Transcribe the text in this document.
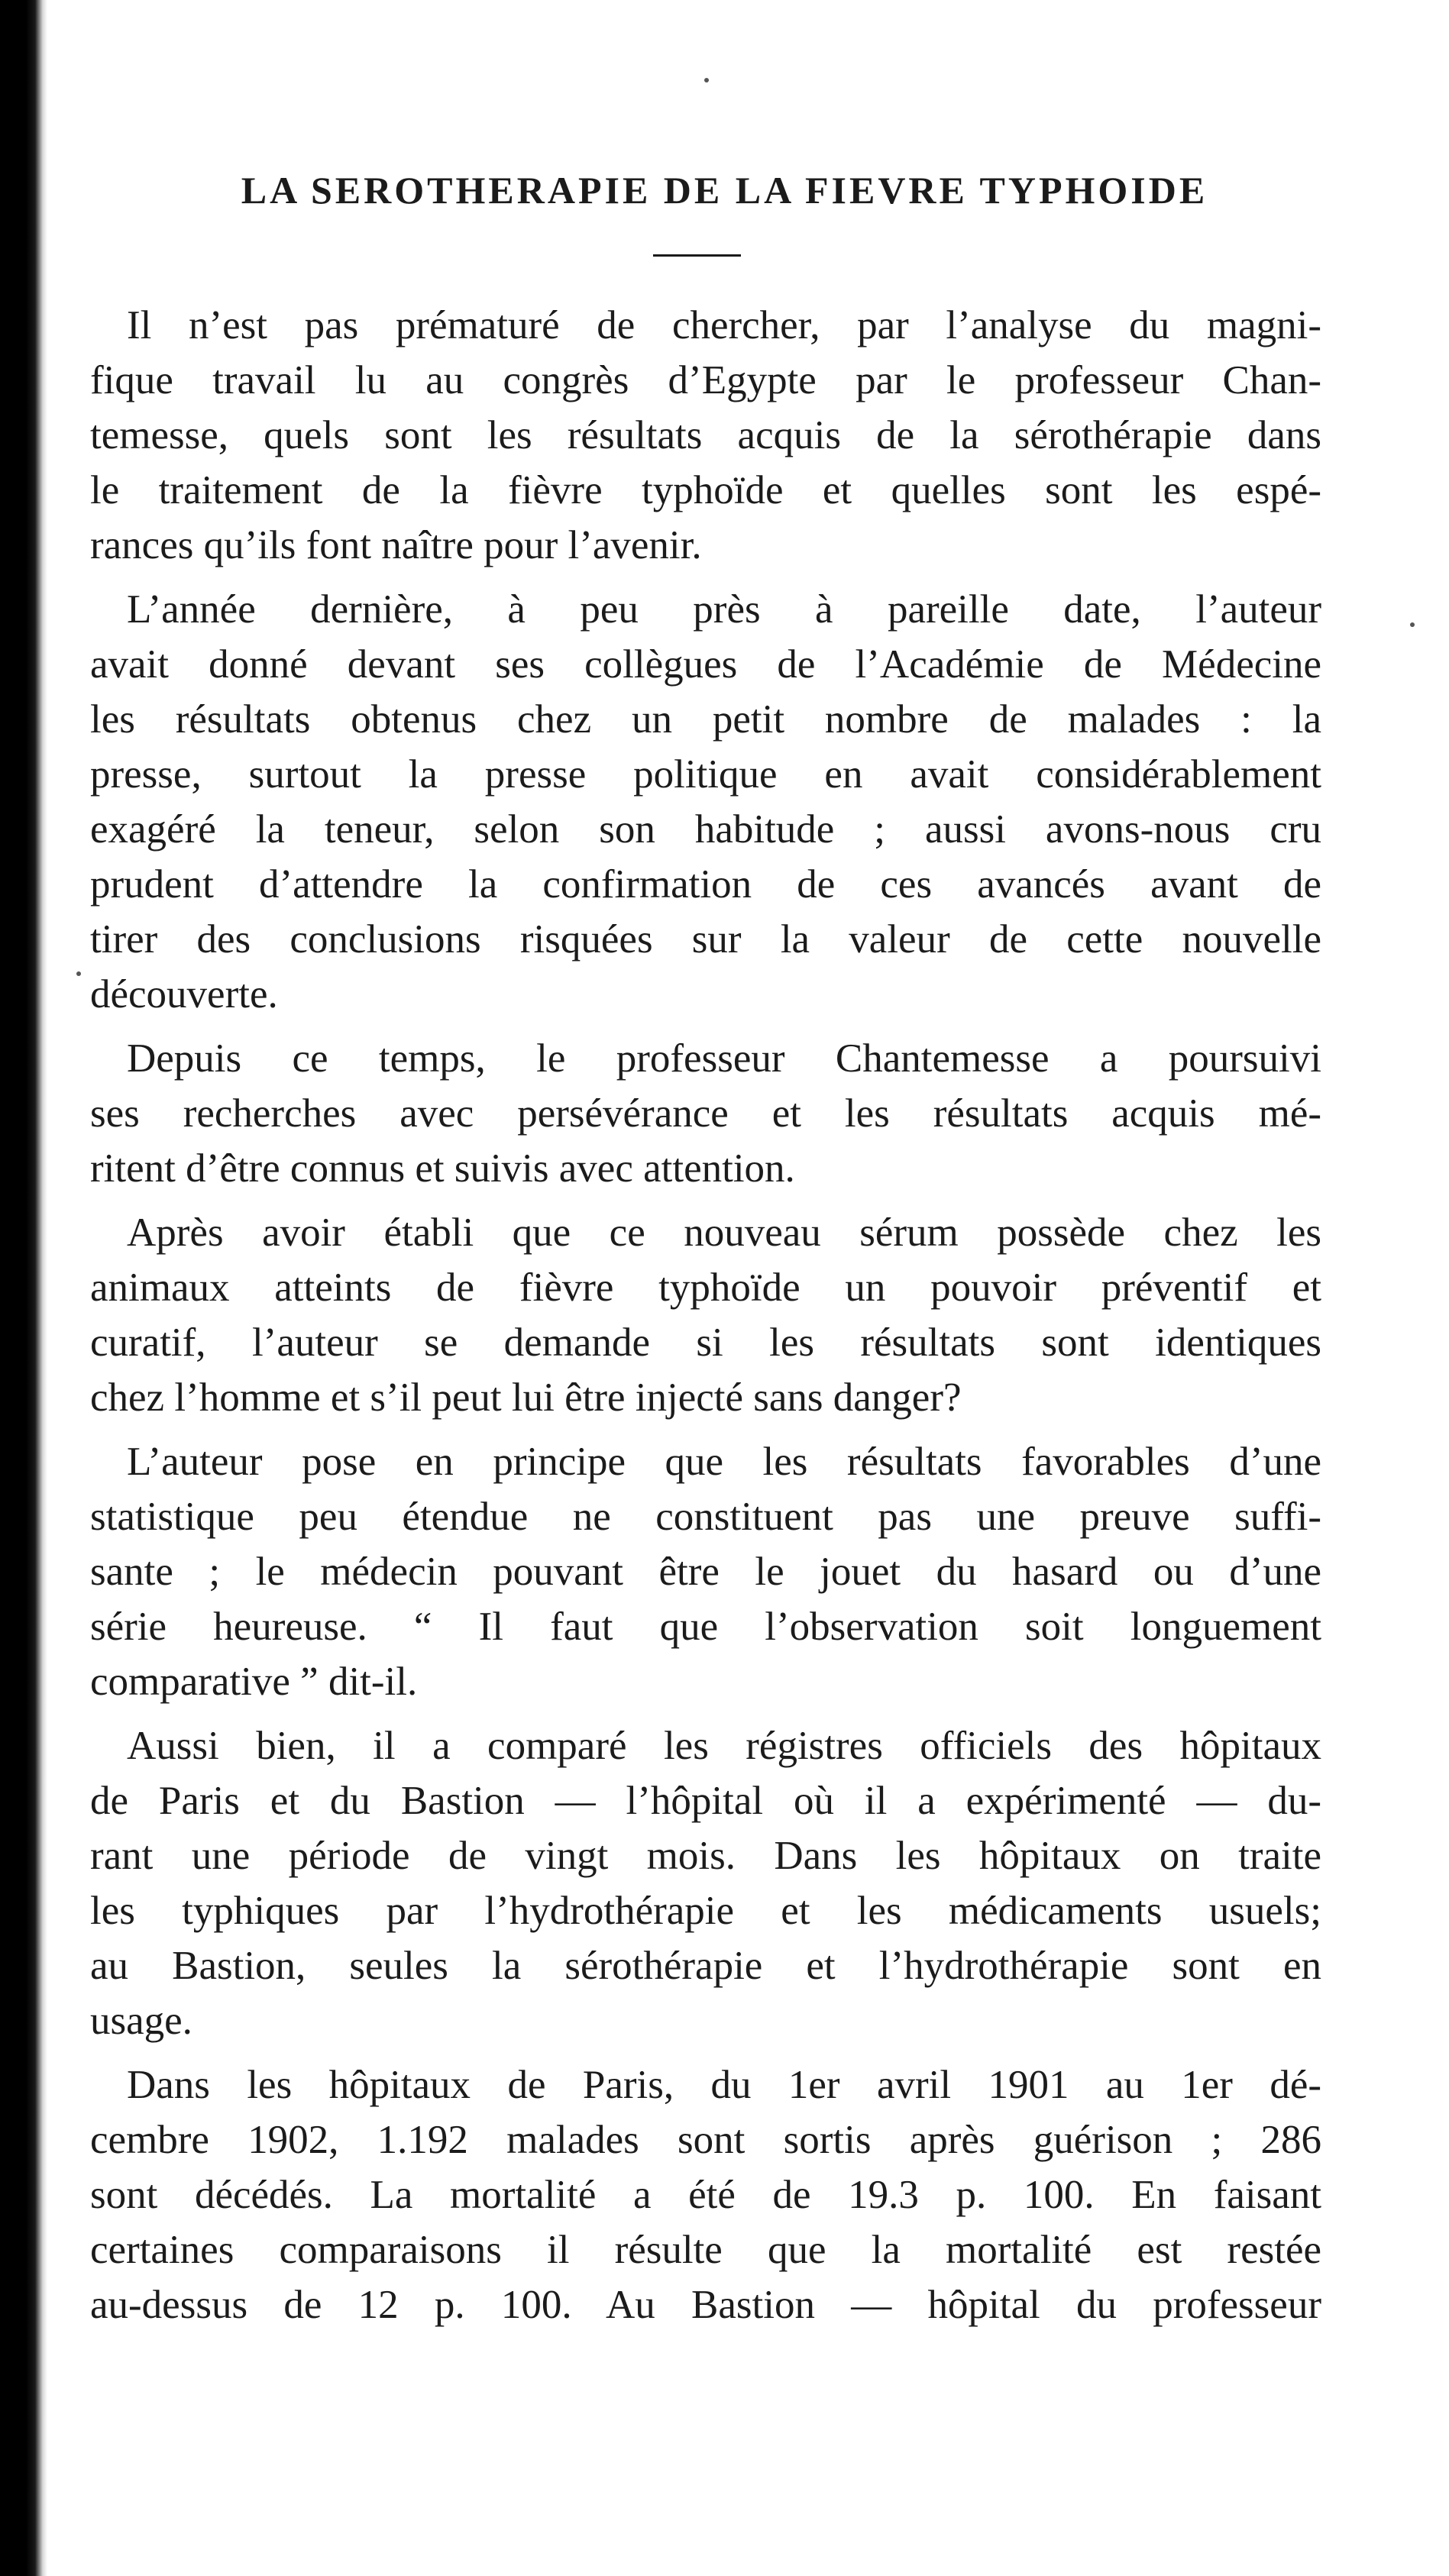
LA SEROTHERAPIE DE LA FIEVRE TYPHOIDE

Il n’est pas prématuré de chercher, par l’analyse du magni-
fique travail lu au congrès d’Egypte par le professeur Chan-
temesse, quels sont les résultats acquis de la sérothérapie dans
le traitement de la fièvre typhoïde et quelles sont les espé-
rances qu’ils font naître pour l’avenir.

L’année dernière, à peu près à pareille date, l’auteur
avait donné devant ses collègues de l’Académie de Médecine
les résultats obtenus chez un petit nombre de malades : la
presse, surtout la presse politique en avait considérablement
exagéré la teneur, selon son habitude ; aussi avons-nous cru
prudent d’attendre la confirmation de ces avancés avant de
tirer des conclusions risquées sur la valeur de cette nouvelle
découverte.

Depuis ce temps, le professeur Chantemesse a poursuivi
ses recherches avec persévérance et les résultats acquis mé-
ritent d’être connus et suivis avec attention.

Après avoir établi que ce nouveau sérum possède chez les
animaux atteints de fièvre typhoïde un pouvoir préventif et
curatif, l’auteur se demande si les résultats sont identiques
chez l’homme et s’il peut lui être injecté sans danger?

L’auteur pose en principe que les résultats favorables d’une
statistique peu étendue ne constituent pas une preuve suffi-
sante ; le médecin pouvant être le jouet du hasard ou d’une
série heureuse. “ Il faut que l’observation soit longuement
comparative ” dit-il.

Aussi bien, il a comparé les régistres officiels des hôpitaux
de Paris et du Bastion — l’hôpital où il a expérimenté — du-
rant une période de vingt mois. Dans les hôpitaux on traite
les typhiques par l’hydrothérapie et les médicaments usuels;
au Bastion, seules la sérothérapie et l’hydrothérapie sont en
usage.

Dans les hôpitaux de Paris, du 1er avril 1901 au 1er dé-
cembre 1902, 1.192 malades sont sortis après guérison ; 286
sont décédés. La mortalité a été de 19.3 p. 100. En faisant
certaines comparaisons il résulte que la mortalité est restée
au-dessus de 12 p. 100. Au Bastion — hôpital du professeur
